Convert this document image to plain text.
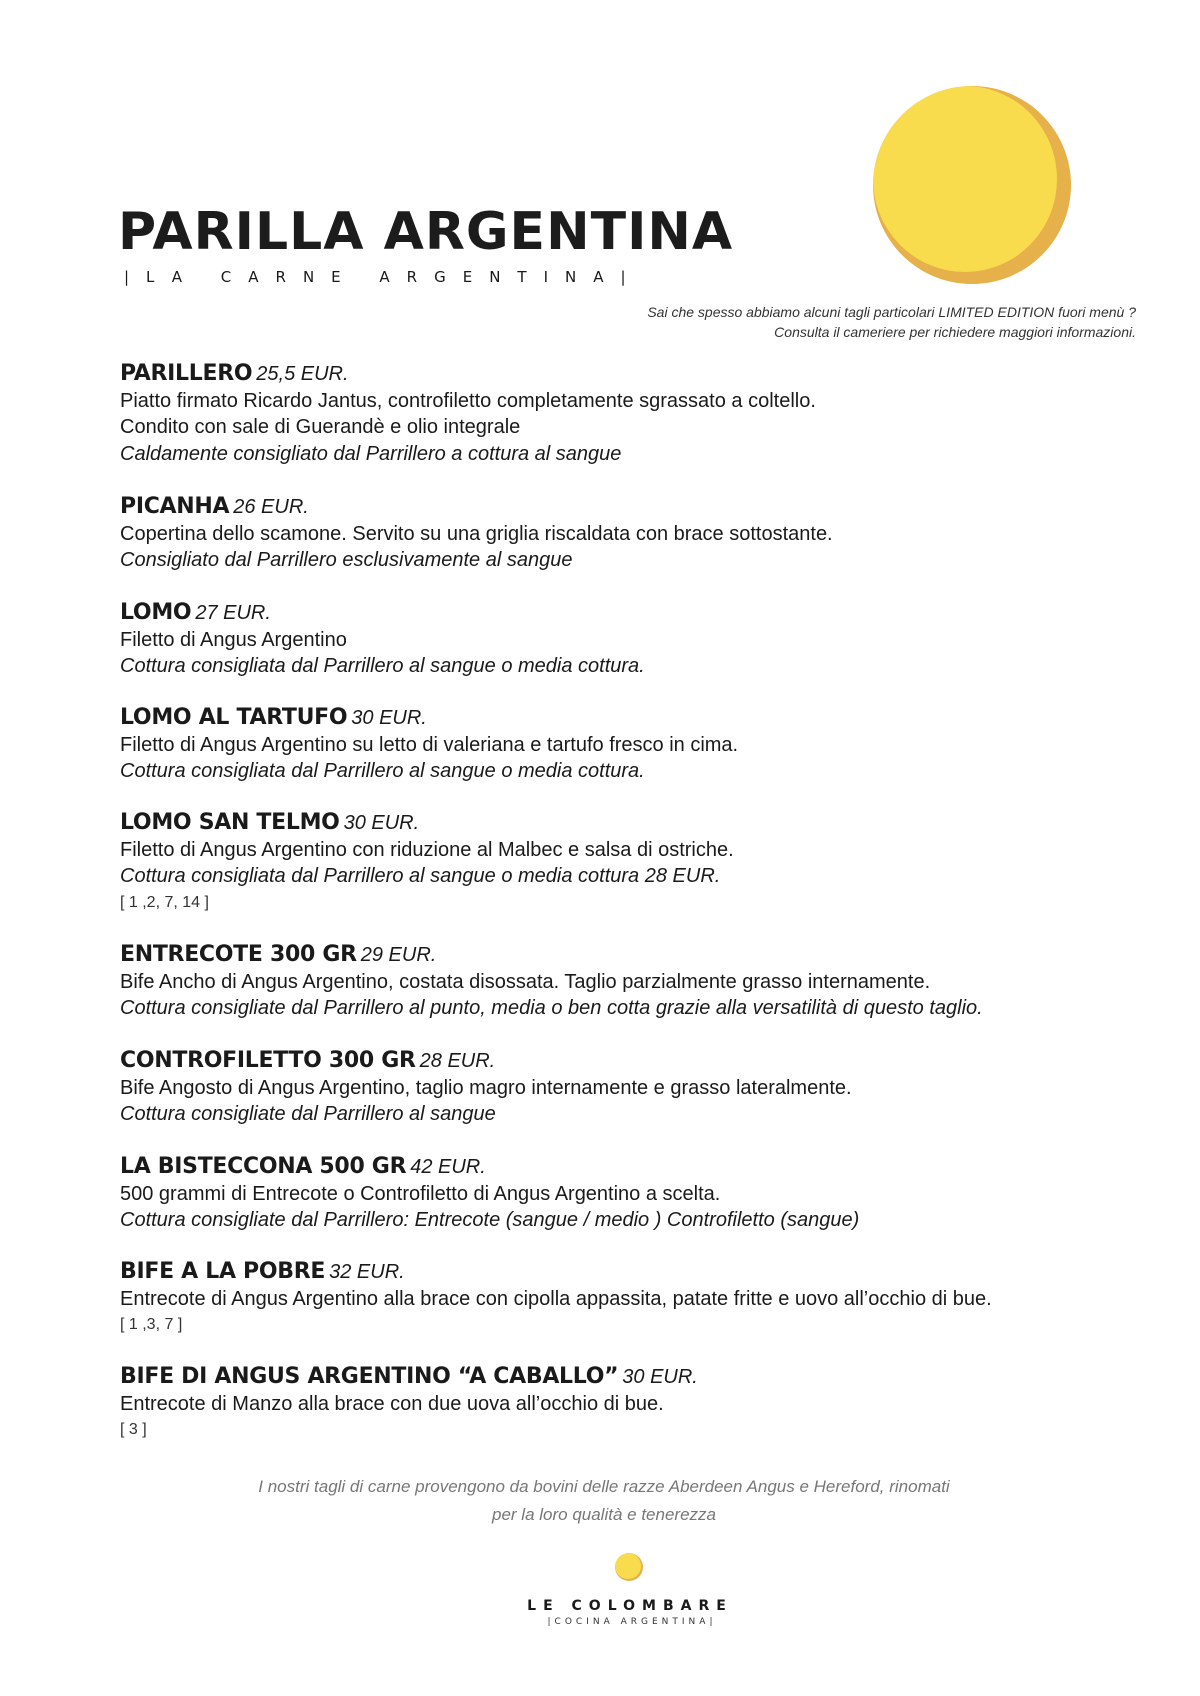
PARILLA ARGENTINA
|LA CARNE ARGENTINA|
Sai che spesso abbiamo alcuni tagli particolari LIMITED EDITION fuori menù ?
Consulta il cameriere per richiedere maggiori informazioni.
PARILLERO 25,5 EUR.
Piatto firmato Ricardo Jantus, controfiletto completamente sgrassato a coltello.
Condito con sale di Guerandè e olio integrale
Caldamente consigliato dal Parrillero a cottura al sangue
PICANHA 26 EUR.
Copertina dello scamone. Servito su una griglia riscaldata con brace sottostante.
Consigliato dal Parrillero esclusivamente al sangue
LOMO 27 EUR.
Filetto di Angus Argentino
Cottura consigliata dal Parrillero al sangue o media cottura.
LOMO AL TARTUFO 30 EUR.
Filetto di Angus Argentino su letto di valeriana e tartufo fresco in cima.
Cottura consigliata dal Parrillero al sangue o media cottura.
LOMO SAN TELMO 30 EUR.
Filetto di Angus Argentino con riduzione al Malbec e salsa di ostriche.
Cottura consigliata dal Parrillero al sangue o media cottura 28 EUR.
[ 1 ,2, 7, 14 ]
ENTRECOTE 300 GR 29 EUR.
Bife Ancho di Angus Argentino, costata disossata. Taglio parzialmente grasso internamente.
Cottura consigliate dal Parrillero al punto, media o ben cotta grazie alla versatilità di questo taglio.
CONTROFILETTO 300 GR 28 EUR.
Bife Angosto di Angus Argentino, taglio magro internamente e grasso lateralmente.
Cottura consigliate dal Parrillero al sangue
LA BISTECCONA 500 GR 42 EUR.
500 grammi di Entrecote o Controfiletto di Angus Argentino a scelta.
Cottura consigliate dal Parrillero: Entrecote (sangue / medio ) Controfiletto (sangue)
BIFE A LA POBRE 32 EUR.
Entrecote di Angus Argentino alla brace con cipolla appassita, patate fritte e uovo all’occhio di bue.
[ 1 ,3, 7 ]
BIFE DI ANGUS ARGENTINO “A CABALLO” 30 EUR.
Entrecote di Manzo alla brace con due uova all’occhio di bue.
[ 3 ]
I nostri tagli di carne provengono da bovini delle razze Aberdeen Angus e Hereford, rinomati
per la loro qualità e tenerezza
LE COLOMBARE
|COCINA ARGENTINA|
